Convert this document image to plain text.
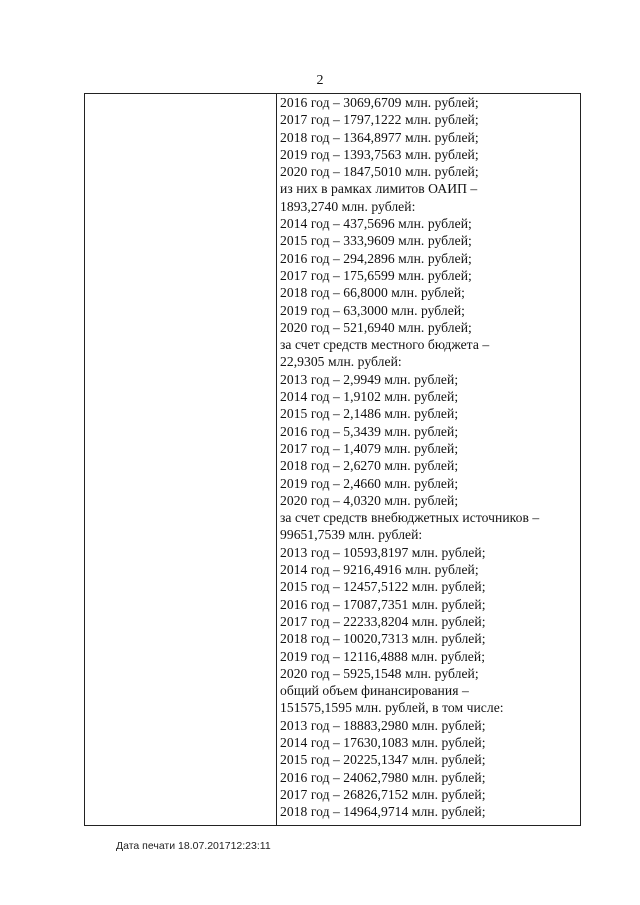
2
2016 год – 3069,6709 млн. рублей;
2017 год – 1797,1222 млн. рублей;
2018 год – 1364,8977 млн. рублей;
2019 год – 1393,7563 млн. рублей;
2020 год – 1847,5010 млн. рублей;
из них в рамках лимитов ОАИП –
1893,2740 млн. рублей:
2014 год – 437,5696 млн. рублей;
2015 год – 333,9609 млн. рублей;
2016 год – 294,2896 млн. рублей;
2017 год – 175,6599 млн. рублей;
2018 год – 66,8000 млн. рублей;
2019 год – 63,3000 млн. рублей;
2020 год – 521,6940 млн. рублей;
за счет средств местного бюджета –
22,9305 млн. рублей:
2013 год – 2,9949 млн. рублей;
2014 год – 1,9102 млн. рублей;
2015 год – 2,1486 млн. рублей;
2016 год – 5,3439 млн. рублей;
2017 год – 1,4079 млн. рублей;
2018 год – 2,6270 млн. рублей;
2019 год – 2,4660 млн. рублей;
2020 год – 4,0320 млн. рублей;
за счет средств внебюджетных источников –
99651,7539 млн. рублей:
2013 год – 10593,8197 млн. рублей;
2014 год – 9216,4916 млн. рублей;
2015 год – 12457,5122 млн. рублей;
2016 год – 17087,7351 млн. рублей;
2017 год – 22233,8204 млн. рублей;
2018 год – 10020,7313 млн. рублей;
2019 год – 12116,4888 млн. рублей;
2020 год – 5925,1548 млн. рублей;
общий объем финансирования –
151575,1595 млн. рублей, в том числе:
2013 год – 18883,2980 млн. рублей;
2014 год – 17630,1083 млн. рублей;
2015 год – 20225,1347 млн. рублей;
2016 год – 24062,7980 млн. рублей;
2017 год – 26826,7152 млн. рублей;
2018 год – 14964,9714 млн. рублей;
Дата печати 18.07.201712:23:11
